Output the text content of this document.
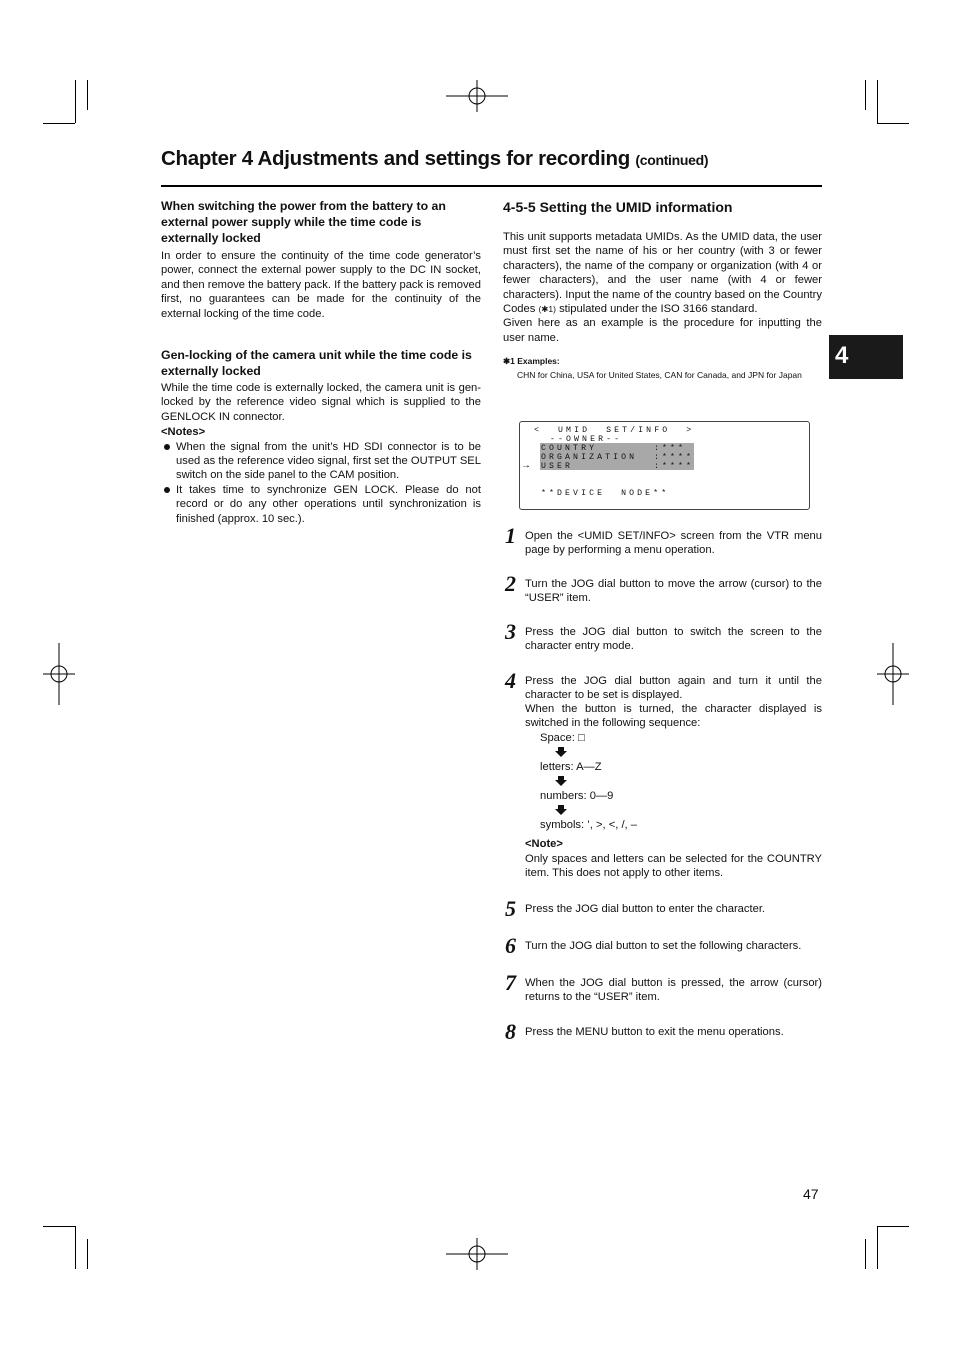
Chapter 4 Adjustments and settings for recording (continued)
4
When switching the power from the battery to an external power supply while the time code is externally locked

In order to ensure the continuity of the time code generator’s power, connect the external power supply to the DC IN socket, and then remove the battery pack. If the battery pack is removed first, no guarantees can be made for the continuity of the external locking of the time code.

Gen-locking of the camera unit while the time code is externally locked

While the time code is externally locked, the camera unit is gen-locked by the reference video signal which is supplied to the GENLOCK IN connector.

<Notes>
When the signal from the unit’s HD SDI connector is to be used as the reference video signal, first set the OUTPUT SEL switch on the side panel to the CAM position.
It takes time to synchronize GEN LOCK. Please do not record or do any other operations until synchronization is finished (approx. 10 sec.).
4-5-5 Setting the UMID information

This unit supports metadata UMIDs. As the UMID data, the user must first set the name of his or her country (with 3 or fewer characters), the name of the company or organization (with 4 or fewer characters), and the user name (with 4 or fewer characters). Input the name of the country based on the Country Codes (✱1) stipulated under the ISO 3166 standard.

Given here as an example is the procedure for inputting the user name.

✱1 Examples:
CHN for China, USA for United States, CAN for Canada, and JPN for Japan
<  UMID  SET/INFO  >
--OWNER--
COUNTRY	:***
ORGANIZATION :****
→ USER	:****
**DEVICE  NODE**
1 Open the <UMID SET/INFO> screen from the VTR menu page by performing a menu operation.
2 Turn the JOG dial button to move the arrow (cursor) to the “USER” item.
3 Press the JOG dial button to switch the screen to the character entry mode.
4 Press the JOG dial button again and turn it until the character to be set is displayed.
When the button is turned, the character displayed is switched in the following sequence:
Space: □
letters: A—Z
numbers: 0—9
symbols: ’, >, <, /, –
<Note>
Only spaces and letters can be selected for the COUNTRY item. This does not apply to other items.
5 Press the JOG dial button to enter the character.
6 Turn the JOG dial button to set the following characters.
7 When the JOG dial button is pressed, the arrow (cursor) returns to the “USER” item.
8 Press the MENU button to exit the menu operations.
47
